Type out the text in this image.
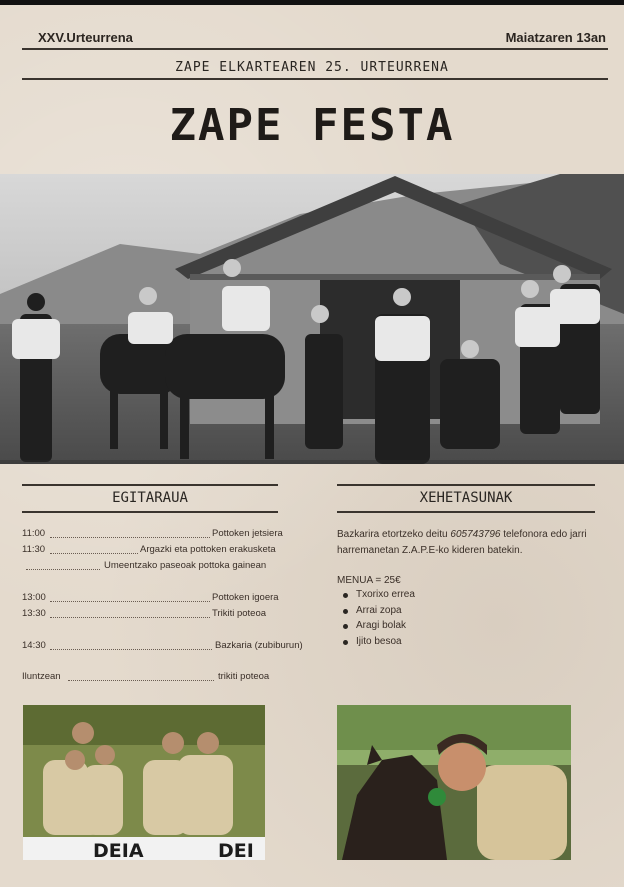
XXV.Urteurrena	Maiatzaren 13an
ZAPE ELKARTEAREN 25. URTEURRENA
ZAPE FESTA
EGITARAUA
11:00	Pottoken jetsiera
11:30	Argazki eta pottoken erakusketa
Umeentzako paseoak pottoka gainean
13:00	Pottoken igoera
13:30	Trikiti poteoa
14:30	Bazkaria (zubiburun)
Iluntzean	trikiti poteoa
XEHETASUNAK
Bazkarira etortzeko deitu 605743796 telefonora edo jarri harremanetan Z.A.P.E-ko kideren batekin.
MENUA = 25€
Txorixo errea
Arrai zopa
Aragi bolak
Ijito besoa
DEIA	DEI
